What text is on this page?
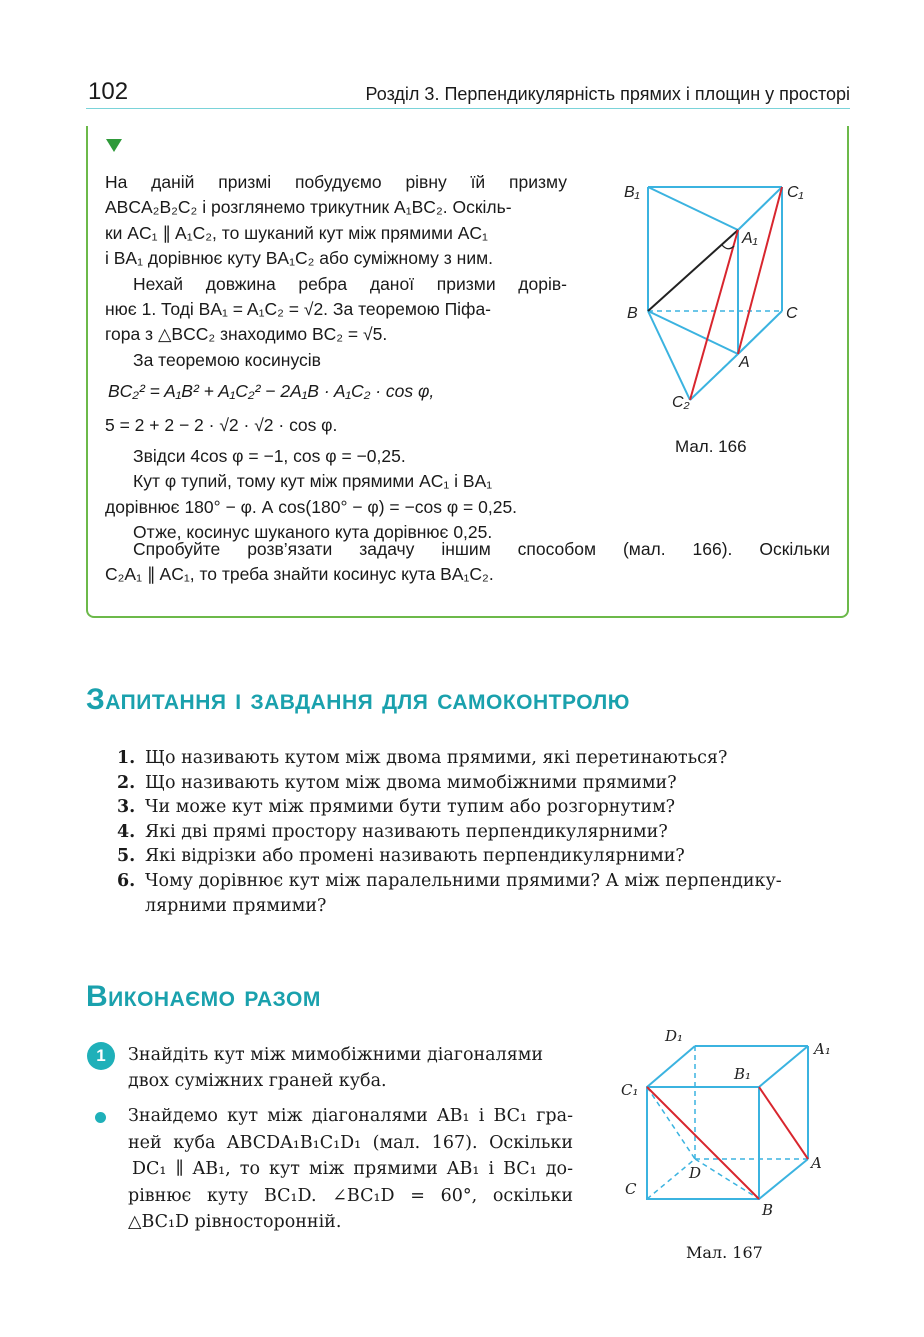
102	Розділ 3. Перпендикулярність прямих і площин у просторі
На даній призмі побудуємо рівну їй призму
ABCA₂B₂C₂ і розглянемо трикутник A₁BC₂. Оскіль-
ки AC₁ ∥ A₁C₂, то шуканий кут між прямими AC₁
і BA₁ дорівнює куту BA₁C₂ або суміжному з ним.
Нехай довжина ребра даної призми дорів-
нює 1. Тоді BA₁ = A₁C₂ = √2. За теоремою Піфа-
гора з △BCC₂ знаходимо BC₂ = √5.
За теоремою косинусів
BC₂² = A₁B² + A₁C₂² − 2A₁B · A₁C₂ · cos φ,
5 = 2 + 2 − 2 · √2 · √2 · cos φ.
Звідси 4cos φ = −1, cos φ = −0,25.
Кут φ тупий, тому кут між прямими AC₁ і BA₁
дорівнює 180° − φ. А cos(180° − φ) = −cos φ = 0,25.
Отже, косинус шуканого кута дорівнює 0,25.
Спробуйте розв’язати задачу іншим способом (мал. 166). Оскільки
C₂A₁ ∥ AC₁, то треба знайти косинус кута BA₁C₂.
B₁	C₁
A₁
B	C
A
C₂
Мал. 166
Запитання і завдання для самоконтролю
1. Що називають кутом між двома прямими, які перетинаються?
2. Що називають кутом між двома мимобіжними прямими?
3. Чи може кут між прямими бути тупим або розгорнутим?
4. Які дві прямі простору називають перпендикулярними?
5. Які відрізки або промені називають перпендикулярними?
6. Чому дорівнює кут між паралельними прямими? А між перпендику-
лярними прямими?
Виконаємо разом
1	Знайдіть кут між мимобіжними діагоналями
двох суміжних граней куба.
Знайдемо кут між діагоналями AB₁ і BC₁ гра-
ней куба ABCDA₁B₁C₁D₁ (мал. 167). Оскільки
DC₁ ∥ AB₁, то кут між прямими AB₁ і BC₁ до-
рівнює куту BC₁D. ∠BC₁D = 60°, оскільки
△BC₁D рівносторонній.
D₁
A₁
B₁
C₁
D
A
C
B
Мал. 167
